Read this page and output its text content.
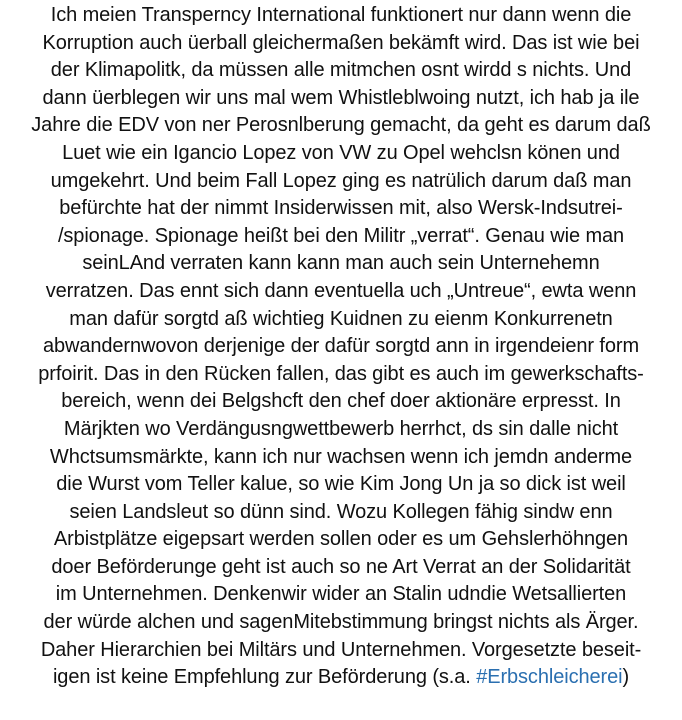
Ich meien Transperncy International funktionert nur dann wenn die
Korruption auch üerball gleichermaßen bekämft wird. Das ist wie bei
der Klimapolitk, da müssen alle mitmchen osnt wirdd s nichts. Und
dann üerblegen wir uns mal wem Whistleblwoing nutzt, ich hab ja ile
Jahre die EDV von ner Perosnlberung gemacht, da geht es darum daß
Luet wie ein Igancio Lopez von VW zu Opel wehclsn könen und
umgekehrt. Und beim Fall Lopez ging es natrülich darum daß man
befürchte hat der nimmt Insiderwissen mit, also Wersk-Indsutrei-
/spionage. Spionage heißt bei den Militr „verrat“. Genau wie man
seinLAnd verraten kann kann man auch sein Unternehemn
verratzen. Das ennt sich dann eventuella uch „Untreue“, ewta wenn
man dafür sorgtd aß wichtieg Kuidnen zu eienm Konkurrenetn
abwandernwovon derjenige der dafür sorgtd ann in irgendeienr form
prfoirit. Das in den Rücken fallen, das gibt es auch im gewerkschafts-
bereich, wenn dei Belgshcft den chef doer aktionäre erpresst. In
Märjkten wo Verdängusngwettbewerb herrhct, ds sin dalle nicht
Whctsumsmärkte, kann ich nur wachsen wenn ich jemdn anderme
die Wurst vom Teller kalue, so wie Kim Jong Un ja so dick ist weil
seien Landsleut so dünn sind. Wozu Kollegen fähig sindw enn
Arbistplätze eigepsart werden sollen oder es um Gehslerhöhngen
doer Beförderunge geht ist auch so ne Art Verrat an der Solidarität
im Unternehmen. Denkenwir wider an Stalin udndie Wetsallierten
der würde alchen und sagenMitebstimmung bringst nichts als Ärger.
Daher Hierarchien bei Miltärs und Unternehmen. Vorgesetzte beseit-
igen ist keine Empfehlung zur Beförderung (s.a. #Erbschleicherei)
